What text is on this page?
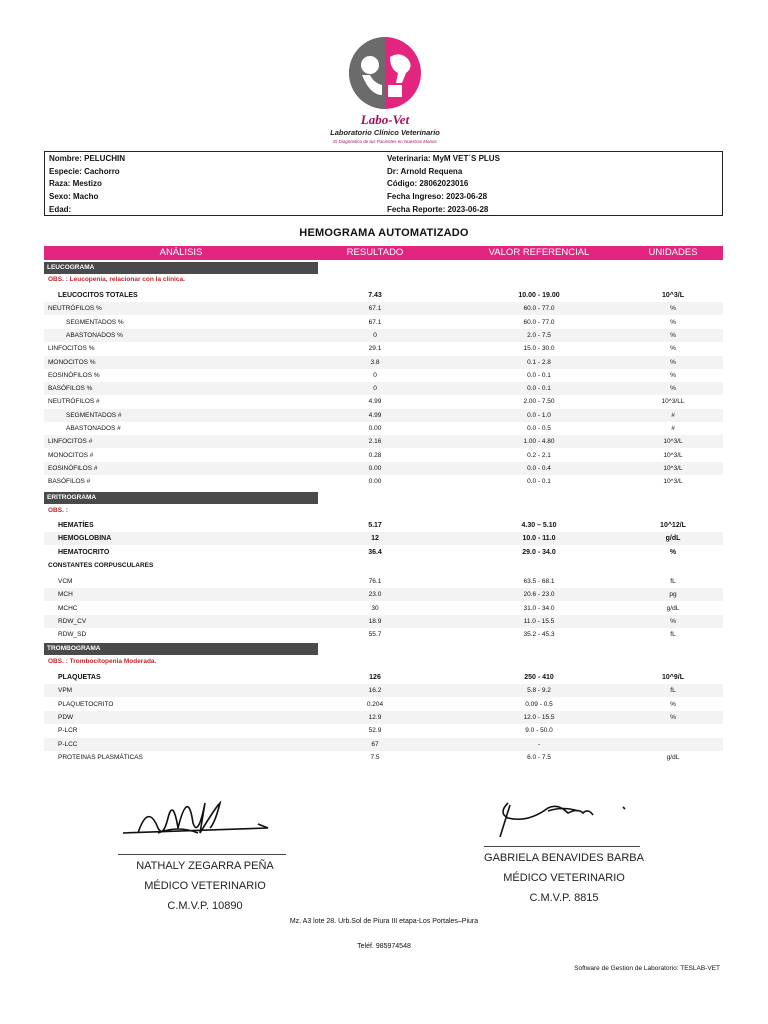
Labo-Vet
Laboratorio Clínico Veterinario
El Diagnóstico de tus Pacientes en Nuestras Manos
Nombre: PELUCHIN
Especie: Cachorro
Raza: Mestizo
Sexo: Macho
Edad:
Veterinaria: MyM VET´S PLUS
Dr: Arnold Requena
Código: 28062023016
Fecha Ingreso: 2023-06-28
Fecha Reporte: 2023-06-28
HEMOGRAMA AUTOMATIZADO
ANÁLISIS	RESULTADO	VALOR REFERENCIAL	UNIDADES
LEUCOGRAMA
OBS. : Leucopenia, relacionar con la clínica.
LEUCOCITOS TOTALES	7.43	10.00 - 19.00	10^3/L
NEUTRÓFILOS %	67.1	60.0 - 77.0	%
SEGMENTADOS %	67.1	60.0 - 77.0	%
ABASTONADOS %	0	2.0 - 7.5	%
LINFOCITOS %	29.1	15.0 - 30.0	%
MONOCITOS %	3.8	0.1 - 2.8	%
EOSINÓFILOS %	0	0.0 - 0.1	%
BASÓFILOS %	0	0.0 - 0.1	%
NEUTRÓFILOS #	4.99	2.00 - 7.50	10^3/LL
SEGMENTADOS #	4.99	0.0 - 1.0	#
ABASTONADOS #	0.00	0.0 - 0.5	#
LINFOCITOS #	2.16	1.00 - 4.80	10^3/L
MONOCITOS #	0.28	0.2 - 2.1	10^3/L
EOSINÓFILOS #	0.00	0.0 - 0.4	10^3/L
BASÓFILOS #	0.00	0.0 - 0.1	10^3/L
ERITROGRAMA
OBS. :
HEMATÍES	5.17	4.30 – 5.10	10^12/L
HEMOGLOBINA	12	10.0 - 11.0	g/dL
HEMATOCRITO	36.4	29.0 - 34.0	%
CONSTANTES CORPUSCULARES
VCM	76.1	63.5 - 68.1	fL
MCH	23.0	20.6 - 23.0	pg
MCHC	30	31.0 - 34.0	g/dL
RDW_CV	18.9	11.0 - 15.5	%
RDW_SD	55.7	35.2 - 45.3	fL
TROMBOGRAMA
OBS. : Trombocitopenia Moderada.
PLAQUETAS	126	250 - 410	10^9/L
VPM	16.2	5.8 - 9.2	fL
PLAQUETOCRITO	0.204	0.09 - 0.5	%
PDW	12.9	12.0 - 15.5	%
P-LCR	52.9	9.0 - 50.0
P-LCC	67	-
PROTEINAS PLASMÁTICAS	7.5	6.0 - 7.5	g/dL
NATHALY ZEGARRA PEÑA
MÉDICO VETERINARIO
C.M.V.P. 10890
GABRIELA BENAVIDES BARBA
MÉDICO VETERINARIO
C.M.V.P. 8815
Mz. A3 lote 28. Urb.Sol de Piura III etapa-Los Portales–Piura
Teléf. 985974548
Software de Gestion de Laboratorio: TESLAB-VET
